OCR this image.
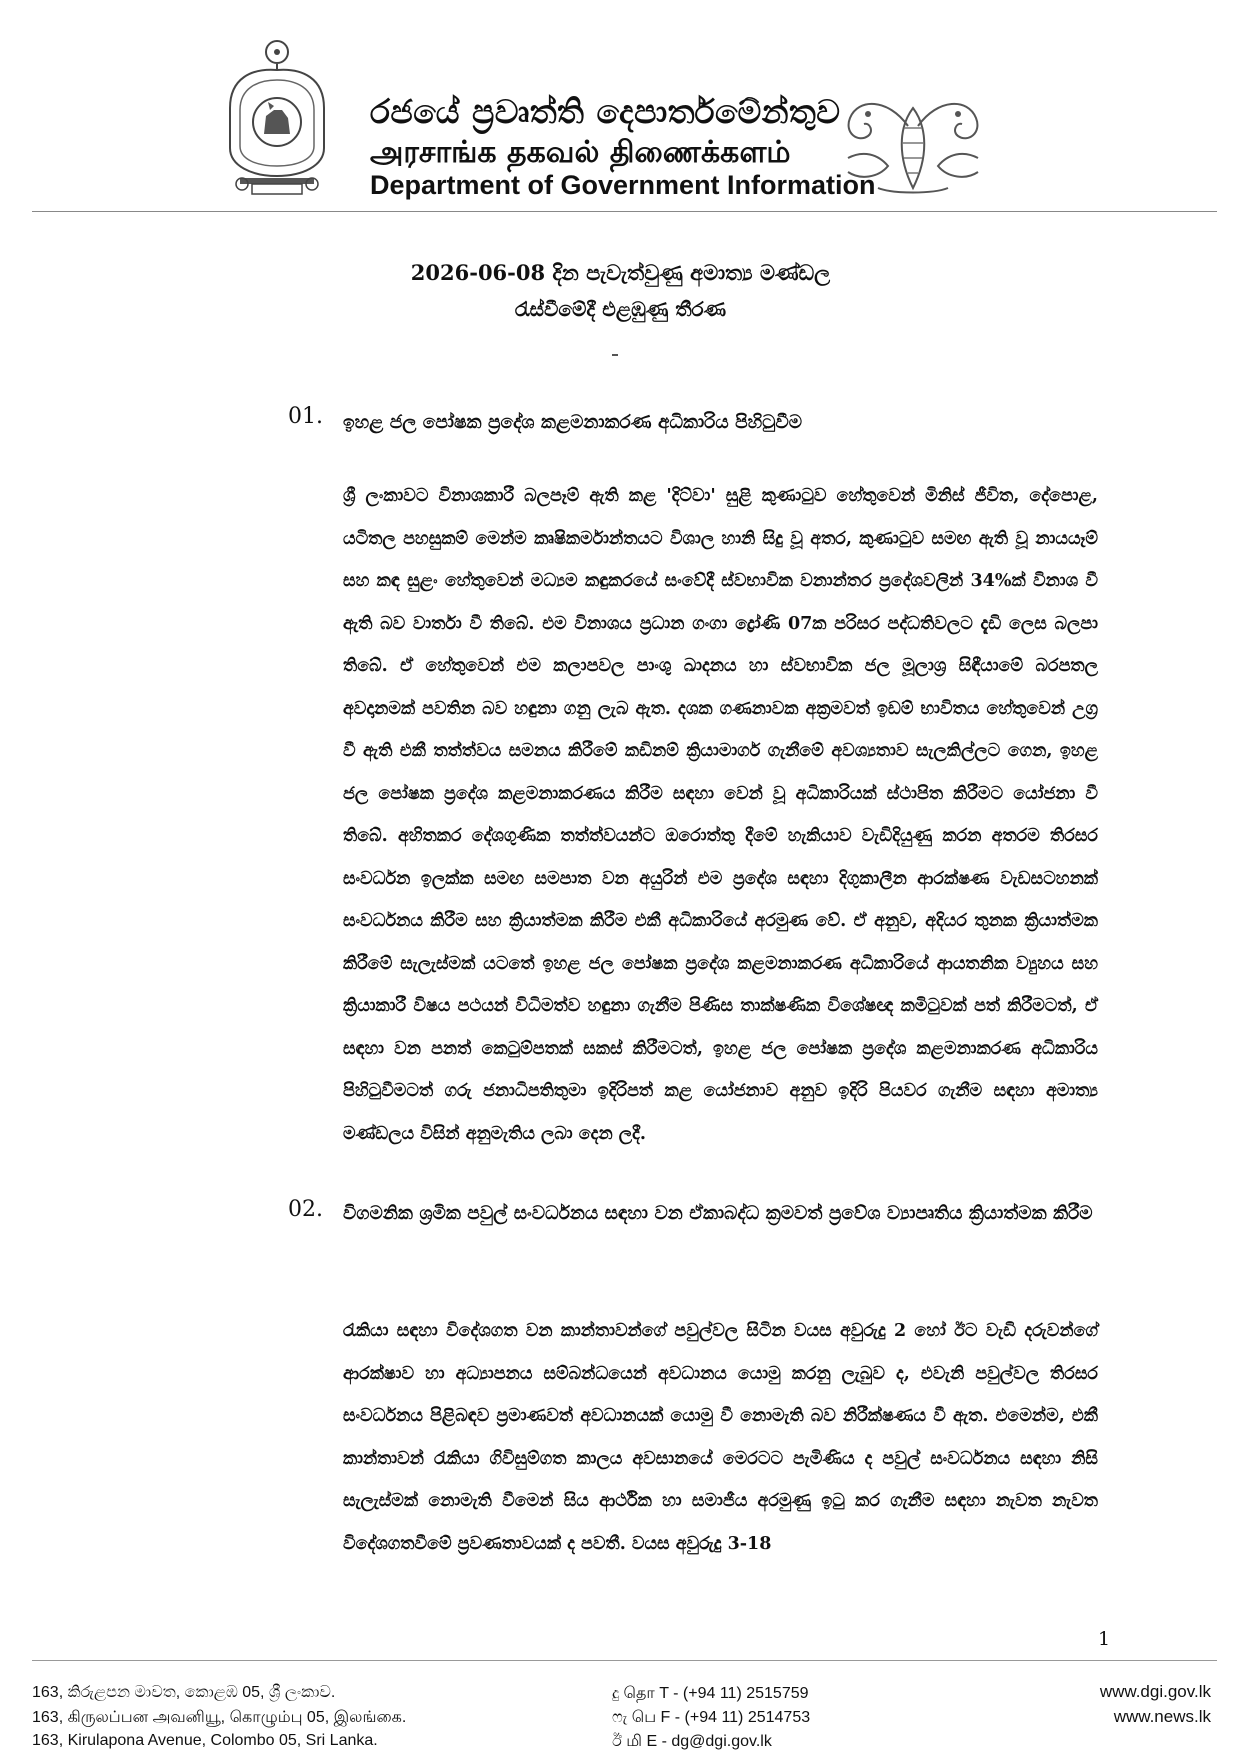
රජයේ ප්‍රවෘත්ති දෙපාර්තමේන්තුව
அரசாங்க தகவல் திணைக்களம்
Department of Government Information
2026-06-08 දින පැවැත්වුණු අමාත්‍ය මණ්ඩල
රැස්වීමේදී එළඹුණු තීරණ
01. ඉහළ ජල පෝෂක ප්‍රදේශ කළමනාකරණ අධිකාරිය පිහිටුවීම
ශ්‍රී ලංකාවට විනාශකාරී බලපෑම් ඇති කළ 'දිට්වා' සුළි කුණාටුව හේතුවෙන් මිනිස් ජීවිත, දේපොළ, යටිතල පහසුකම් මෙන්ම කෘෂිකර්මාන්තයට විශාල හානි සිදු වූ අතර, කුණාටුව සමඟ ඇති වූ නායයෑම් සහ කඳ සුළං හේතුවෙන් මධ්‍යම කඳුකරයේ සංවේදී ස්වභාවික වනාන්තර ප්‍රදේශවලින් 34%ක් විනාශ වී ඇති බව වාර්තා වී තිබේ. එම විනාශය ප්‍රධාන ගංගා ද්‍රෝණි 07ක පරිසර පද්ධතිවලට දැඩි ලෙස බලපා තිබේ. ඒ හේතුවෙන් එම කලාපවල පාංශු ඛාදනය හා ස්වභාවික ජල මූලාශ්‍ර සිඳීයාමේ බරපතල අවදානමක් පවතින බව හඳුනා ගනු ලැබ ඇත. දශක ගණනාවක අක්‍රමවත් ඉඩම් භාවිතය හේතුවෙන් උග්‍ර වී ඇති එකී තත්ත්වය සමනය කිරීමේ කඩිනම් ක්‍රියාමාර්ග ගැනීමේ අවශ්‍යතාව සැලකිල්ලට ගෙන, ඉහළ ජල පෝෂක ප්‍රදේශ කළමනාකරණය කිරීම සඳහා වෙන් වූ අධිකාරියක් ස්ථාපිත කිරීමට යෝජනා වී තිබේ. අහිතකර දේශගුණික තත්ත්වයන්ට ඔරොත්තු දීමේ හැකියාව වැඩිදියුණු කරන අතරම තිරසර සංවර්ධන ඉලක්ක සමඟ සමපාත වන අයුරින් එම ප්‍රදේශ සඳහා දිගුකාලීන ආරක්ෂණ වැඩසටහනක් සංවර්ධනය කිරීම සහ ක්‍රියාත්මක කිරීම එකී අධිකාරියේ අරමුණ වේ. ඒ අනුව, අදියර තුනක ක්‍රියාත්මක කිරීමේ සැලැස්මක් යටතේ ඉහළ ජල පෝෂක ප්‍රදේශ කළමනාකරණ අධිකාරියේ ආයතනික ව්‍යුහය සහ ක්‍රියාකාරී විෂය පථයන් විධිමත්ව හඳුනා ගැනීම පිණිස තාක්ෂණික විශේෂඥ කමිටුවක් පත් කිරීමටත්, ඒ සඳහා වන පනත් කෙටුම්පතක් සකස් කිරීමටත්, ඉහළ ජල පෝෂක ප්‍රදේශ කළමනාකරණ අධිකාරිය පිහිටුවීමටත් ගරු ජනාධිපතිතුමා ඉදිරිපත් කළ යෝජනාව අනුව ඉදිරි පියවර ගැනීම සඳහා අමාත්‍ය මණ්ඩලය විසින් අනුමැතිය ලබා දෙන ලදී.
02. විගමනික ශ්‍රමික පවුල් සංවර්ධනය සඳහා වන ඒකාබද්ධ ක්‍රමවත් ප්‍රවේශ ව්‍යාපෘතිය ක්‍රියාත්මක කිරීම
රැකියා සඳහා විදේශගත වන කාන්තාවන්ගේ පවුල්වල සිටින වයස අවුරුදු 2 හෝ ඊට වැඩි දරුවන්ගේ ආරක්ෂාව හා අධ්‍යාපනය සම්බන්ධයෙන් අවධානය යොමු කරනු ලැබුව ද, එවැනි පවුල්වල තිරසර සංවර්ධනය පිළිබඳව ප්‍රමාණවත් අවධානයක් යොමු වී නොමැති බව නිරීක්ෂණය වී ඇත. එමෙන්ම, එකී කාන්තාවන් රැකියා ගිවිසුම්ගත කාලය අවසානයේ මෙරටට පැමිණිය ද පවුල් සංවර්ධනය සඳහා නිසි සැලැස්මක් නොමැති වීමෙන් සිය ආර්ථික හා සමාජීය අරමුණු ඉටු කර ගැනීම සඳහා නැවත නැවත විදේශගතවීමේ ප්‍රවණතාවයක් ද පවතී. වයස අවුරුදු 3-18
1
163, කිරුළපන මාවත, කොළඹ 05, ශ්‍රී ලංකාව.
163, கிருலப்பன அவனியூ, கொழும்பு 05, இலங்கை.
163, Kirulapona Avenue, Colombo 05, Sri Lanka.
දු தொ T - (+94 11) 2515759
ෆැ பெ F - (+94 11) 2514753
ඊ மி E - dg@dgi.gov.lk
www.dgi.gov.lk
www.news.lk
